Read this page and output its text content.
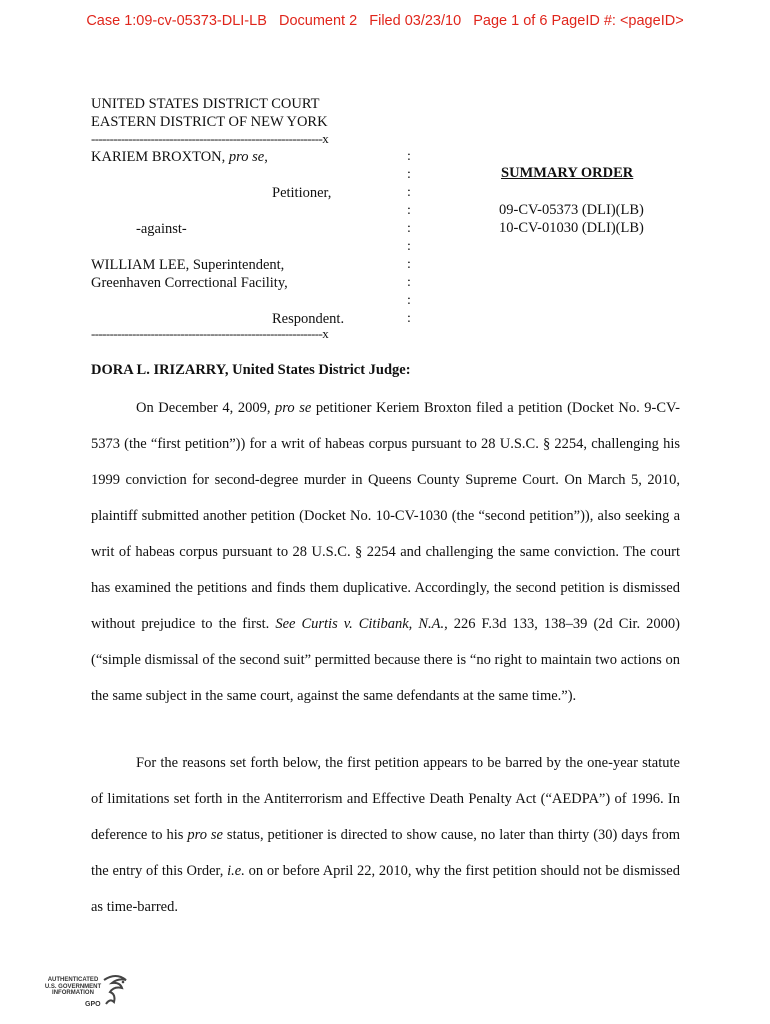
Case 1:09-cv-05373-DLI-LB Document 2 Filed 03/23/10 Page 1 of 6 PageID #: <pageID>
UNITED STATES DISTRICT COURT
EASTERN DISTRICT OF NEW YORK
--------------------------------------------------------------x
KARIEM BROXTON, pro se,
Petitioner,
-against-
WILLIAM LEE, Superintendent,
Greenhaven Correctional Facility,
Respondent.
:
:
:
:
:
:
:
:
:
:
--------------------------------------------------------------x
SUMMARY ORDER
09-CV-05373 (DLI)(LB)
10-CV-01030 (DLI)(LB)
DORA L. IRIZARRY, United States District Judge:

On December 4, 2009, pro se petitioner Keriem Broxton filed a petition (Docket No. 9-CV-5373 (the “first petition”)) for a writ of habeas corpus pursuant to 28 U.S.C. § 2254, challenging his 1999 conviction for second-degree murder in Queens County Supreme Court. On March 5, 2010, plaintiff submitted another petition (Docket No. 10-CV-1030 (the “second petition”)), also seeking a writ of habeas corpus pursuant to 28 U.S.C. § 2254 and challenging the same conviction. The court has examined the petitions and finds them duplicative. Accordingly, the second petition is dismissed without prejudice to the first. See Curtis v. Citibank, N.A., 226 F.3d 133, 138–39 (2d Cir. 2000) (“simple dismissal of the second suit” permitted because there is “no right to maintain two actions on the same subject in the same court, against the same defendants at the same time.”).

For the reasons set forth below, the first petition appears to be barred by the one-year statute of limitations set forth in the Antiterrorism and Effective Death Penalty Act (“AEDPA”) of 1996. In deference to his pro se status, petitioner is directed to show cause, no later than thirty (30) days from the entry of this Order, i.e. on or before April 22, 2010, why the first petition should not be dismissed as time-barred.

AUTHENTICATED
U.S. GOVERNMENT
INFORMATION
GPO
